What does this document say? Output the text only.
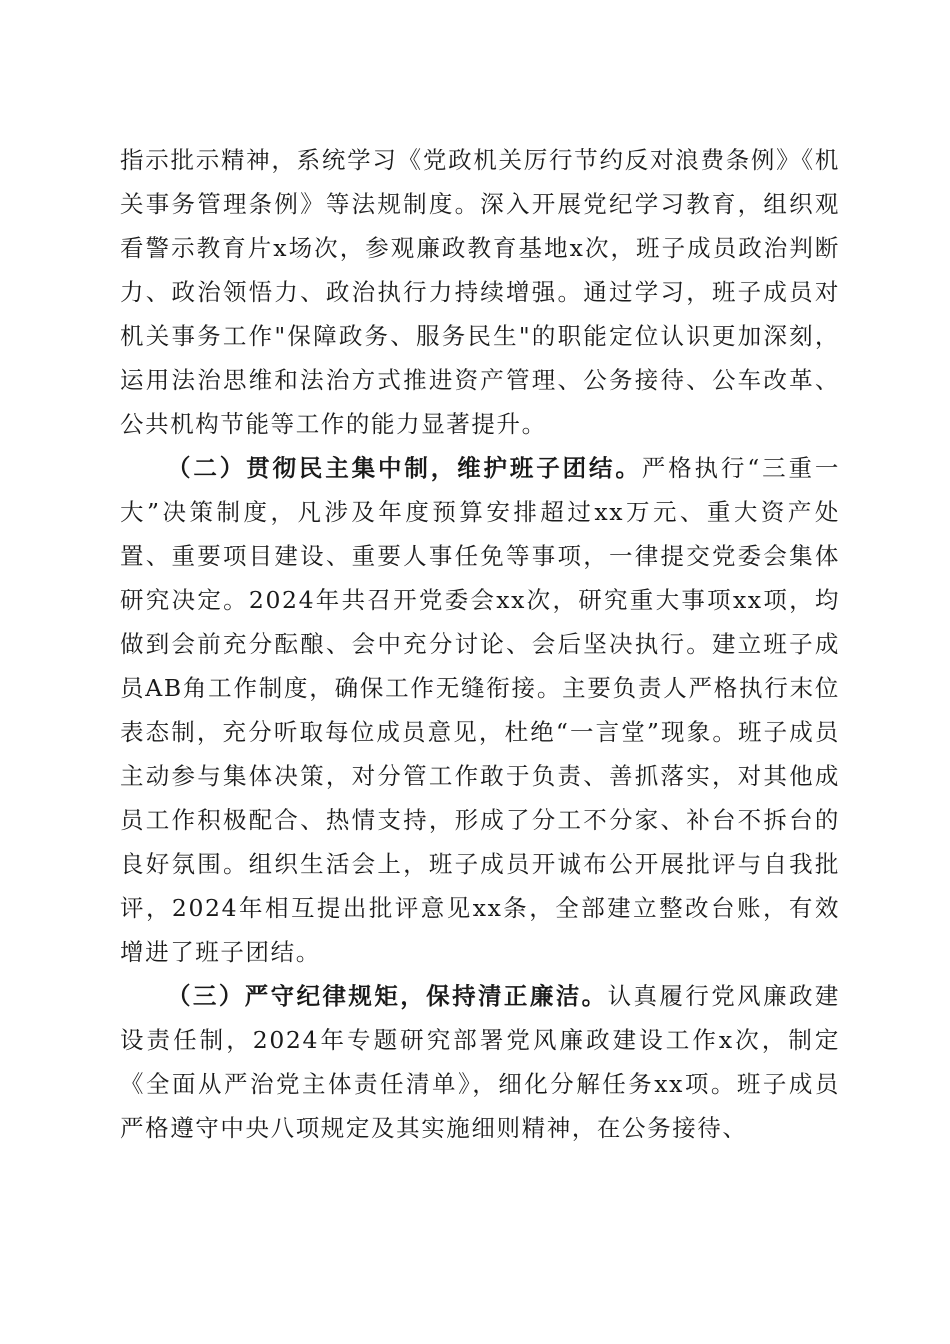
指示批示精神，系统学习《党政机关厉行节约反对浪费条例》《机关事务管理条例》等法规制度。深入开展党纪学习教育，组织观看警示教育片x场次，参观廉政教育基地x次，班子成员政治判断力、政治领悟力、政治执行力持续增强。通过学习，班子成员对机关事务工作"保障政务、服务民生"的职能定位认识更加深刻，运用法治思维和法治方式推进资产管理、公务接待、公车改革、公共机构节能等工作的能力显著提升。

（二）贯彻民主集中制，维护班子团结。严格执行“三重一大”决策制度，凡涉及年度预算安排超过xx万元、重大资产处置、重要项目建设、重要人事任免等事项，一律提交党委会集体研究决定。2024年共召开党委会xx次，研究重大事项xx项，均做到会前充分酝酿、会中充分讨论、会后坚决执行。建立班子成员AB角工作制度，确保工作无缝衔接。主要负责人严格执行末位表态制，充分听取每位成员意见，杜绝“一言堂”现象。班子成员主动参与集体决策，对分管工作敢于负责、善抓落实，对其他成员工作积极配合、热情支持，形成了分工不分家、补台不拆台的良好氛围。组织生活会上，班子成员开诚布公开展批评与自我批评，2024年相互提出批评意见xx条，全部建立整改台账，有效增进了班子团结。

（三）严守纪律规矩，保持清正廉洁。认真履行党风廉政建设责任制，2024年专题研究部署党风廉政建设工作x次，制定《全面从严治党主体责任清单》，细化分解任务xx项。班子成员严格遵守中央八项规定及其实施细则精神，在公务接待、
